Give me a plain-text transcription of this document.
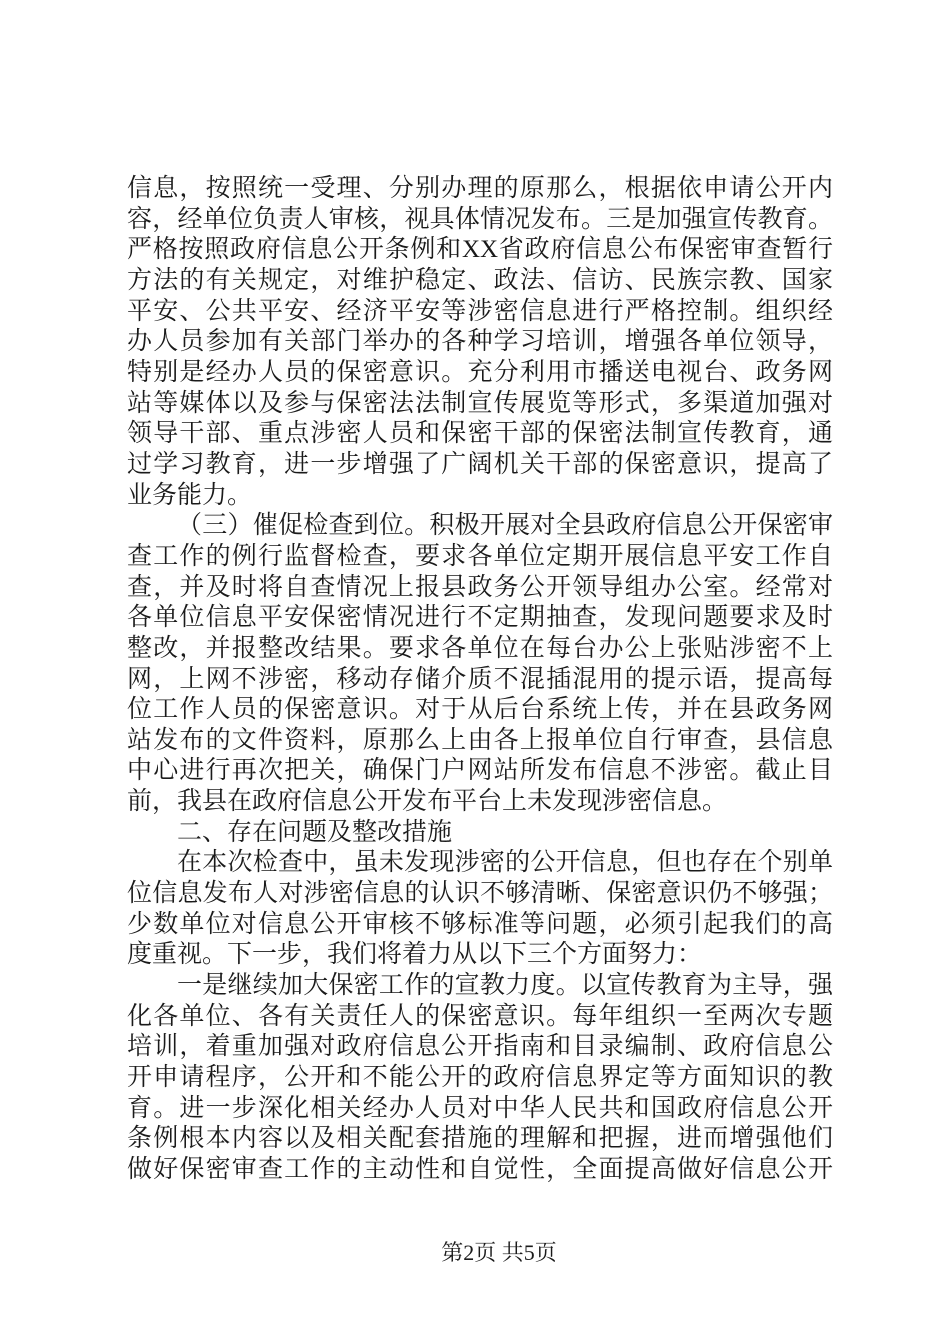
信息，按照统一受理、分别办理的原那么，根据依申请公开内
容，经单位负责人审核，视具体情况发布。三是加强宣传教育。
严格按照政府信息公开条例和XX省政府信息公布保密审查暂行
方法的有关规定，对维护稳定、政法、信访、民族宗教、国家
平安、公共平安、经济平安等涉密信息进行严格控制。组织经
办人员参加有关部门举办的各种学习培训，增强各单位领导，
特别是经办人员的保密意识。充分利用市播送电视台、政务网
站等媒体以及参与保密法法制宣传展览等形式，多渠道加强对
领导干部、重点涉密人员和保密干部的保密法制宣传教育，通
过学习教育，进一步增强了广阔机关干部的保密意识，提高了
业务能力。
（三）催促检查到位。积极开展对全县政府信息公开保密审
查工作的例行监督检查，要求各单位定期开展信息平安工作自
查，并及时将自查情况上报县政务公开领导组办公室。经常对
各单位信息平安保密情况进行不定期抽查，发现问题要求及时
整改，并报整改结果。要求各单位在每台办公上张贴涉密不上
网，上网不涉密，移动存储介质不混插混用的提示语，提高每
位工作人员的保密意识。对于从后台系统上传，并在县政务网
站发布的文件资料，原那么上由各上报单位自行审查，县信息
中心进行再次把关，确保门户网站所发布信息不涉密。截止目
前，我县在政府信息公开发布平台上未发现涉密信息。
二、存在问题及整改措施
在本次检查中，虽未发现涉密的公开信息，但也存在个别单
位信息发布人对涉密信息的认识不够清晰、保密意识仍不够强；
少数单位对信息公开审核不够标准等问题，必须引起我们的高
度重视。下一步，我们将着力从以下三个方面努力：
一是继续加大保密工作的宣教力度。以宣传教育为主导，强
化各单位、各有关责任人的保密意识。每年组织一至两次专题
培训，着重加强对政府信息公开指南和目录编制、政府信息公
开申请程序，公开和不能公开的政府信息界定等方面知识的教
育。进一步深化相关经办人员对中华人民共和国政府信息公开
条例根本内容以及相关配套措施的理解和把握，进而增强他们
做好保密审查工作的主动性和自觉性，全面提高做好信息公开
第2页 共5页
